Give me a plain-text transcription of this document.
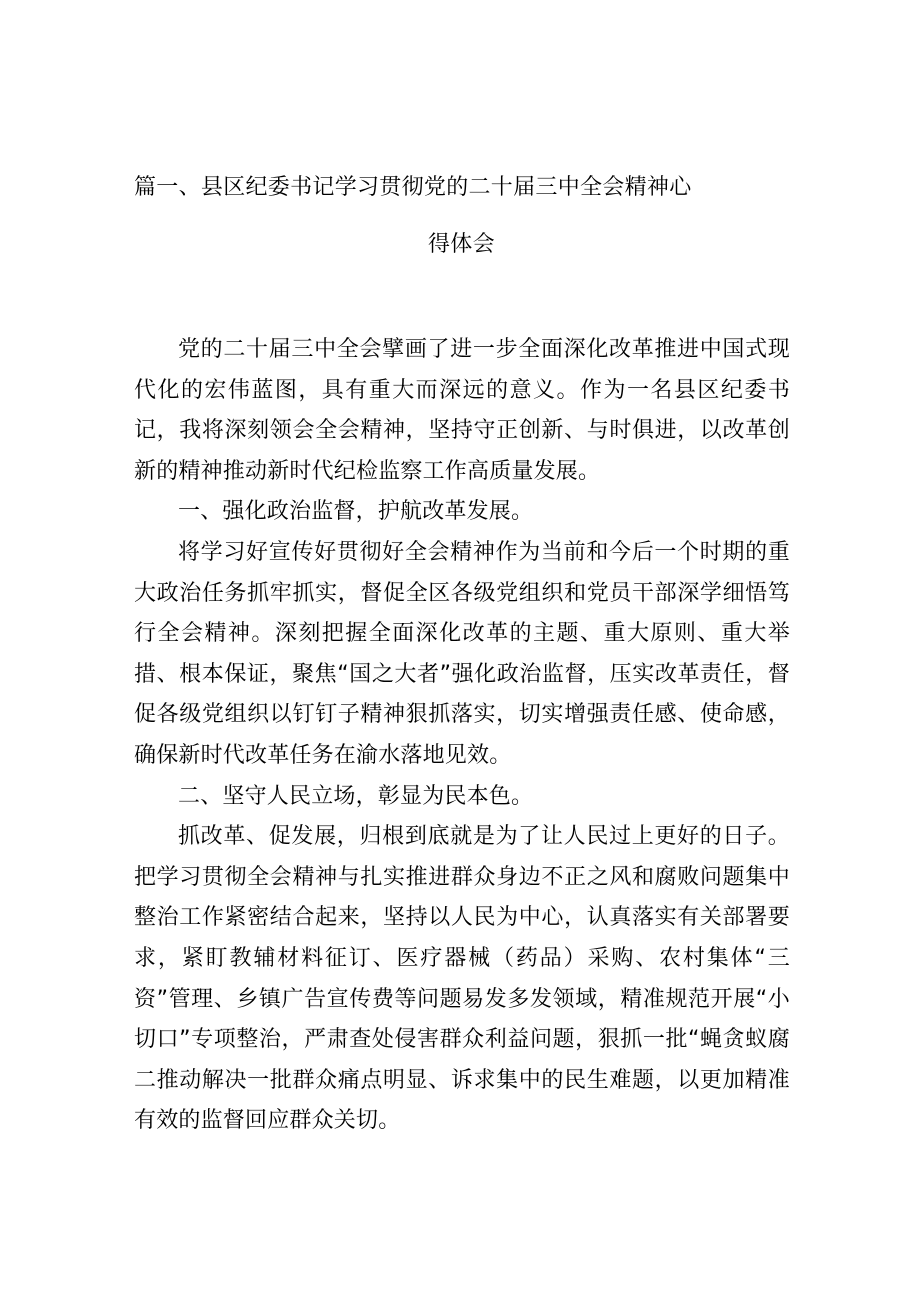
篇一、县区纪委书记学习贯彻党的二十届三中全会精神心
得体会

党的二十届三中全会擘画了进一步全面深化改革推进中国式现代化的宏伟蓝图，具有重大而深远的意义。作为一名县区纪委书记，我将深刻领会全会精神，坚持守正创新、与时俱进，以改革创新的精神推动新时代纪检监察工作高质量发展。

一、强化政治监督，护航改革发展。

将学习好宣传好贯彻好全会精神作为当前和今后一个时期的重大政治任务抓牢抓实，督促全区各级党组织和党员干部深学细悟笃行全会精神。深刻把握全面深化改革的主题、重大原则、重大举措、根本保证，聚焦“国之大者”强化政治监督，压实改革责任，督促各级党组织以钉钉子精神狠抓落实，切实增强责任感、使命感，确保新时代改革任务在渝水落地见效。

二、坚守人民立场，彰显为民本色。

抓改革、促发展，归根到底就是为了让人民过上更好的日子。把学习贯彻全会精神与扎实推进群众身边不正之风和腐败问题集中整治工作紧密结合起来，坚持以人民为中心，认真落实有关部署要求，紧盯教辅材料征订、医疗器械（药品）采购、农村集体“三资”管理、乡镇广告宣传费等问题易发多发领域，精准规范开展“小切口”专项整治，严肃查处侵害群众利益问题，狠抓一批“蝇贪蚁腐二推动解决一批群众痛点明显、诉求集中的民生难题，以更加精准有效的监督回应群众关切。
